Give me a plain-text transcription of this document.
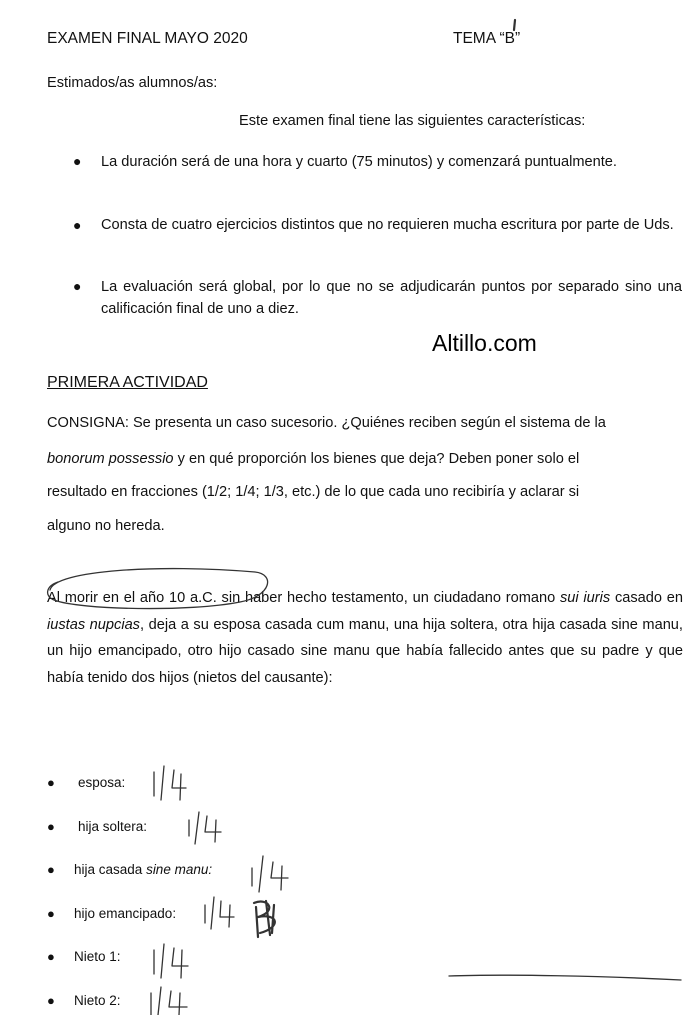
EXAMEN FINAL MAYO 2020	TEMA “B”
Estimados/as alumnos/as:
Este examen final tiene las siguientes características:
● La duración será de una hora y cuarto (75 minutos) y comenzará puntualmente.
● Consta de cuatro ejercicios distintos que no requieren mucha escritura por parte de Uds.
● La evaluación será global, por lo que no se adjudicarán puntos por separado sino una calificación final de uno a diez.
Altillo.com
PRIMERA ACTIVIDAD
CONSIGNA: Se presenta un caso sucesorio. ¿Quiénes reciben según el sistema de la
bonorum possessio y en qué proporción los bienes que deja? Deben poner solo el
resultado en fracciones (1/2; 1/4; 1/3, etc.) de lo que cada uno recibiría y aclarar si
alguno no hereda.
Al morir en el año 10 a.C. sin haber hecho testamento, un ciudadano romano sui iuris casado en iustas nupcias, deja a su esposa casada cum manu, una hija soltera, otra hija casada sine manu, un hijo emancipado, otro hijo casado sine manu que había fallecido antes que su padre y que había tenido dos hijos (nietos del causante):
● esposa:
● hija soltera:
● hija casada sine manu:
● hijo emancipado:
● Nieto 1:
● Nieto 2:
